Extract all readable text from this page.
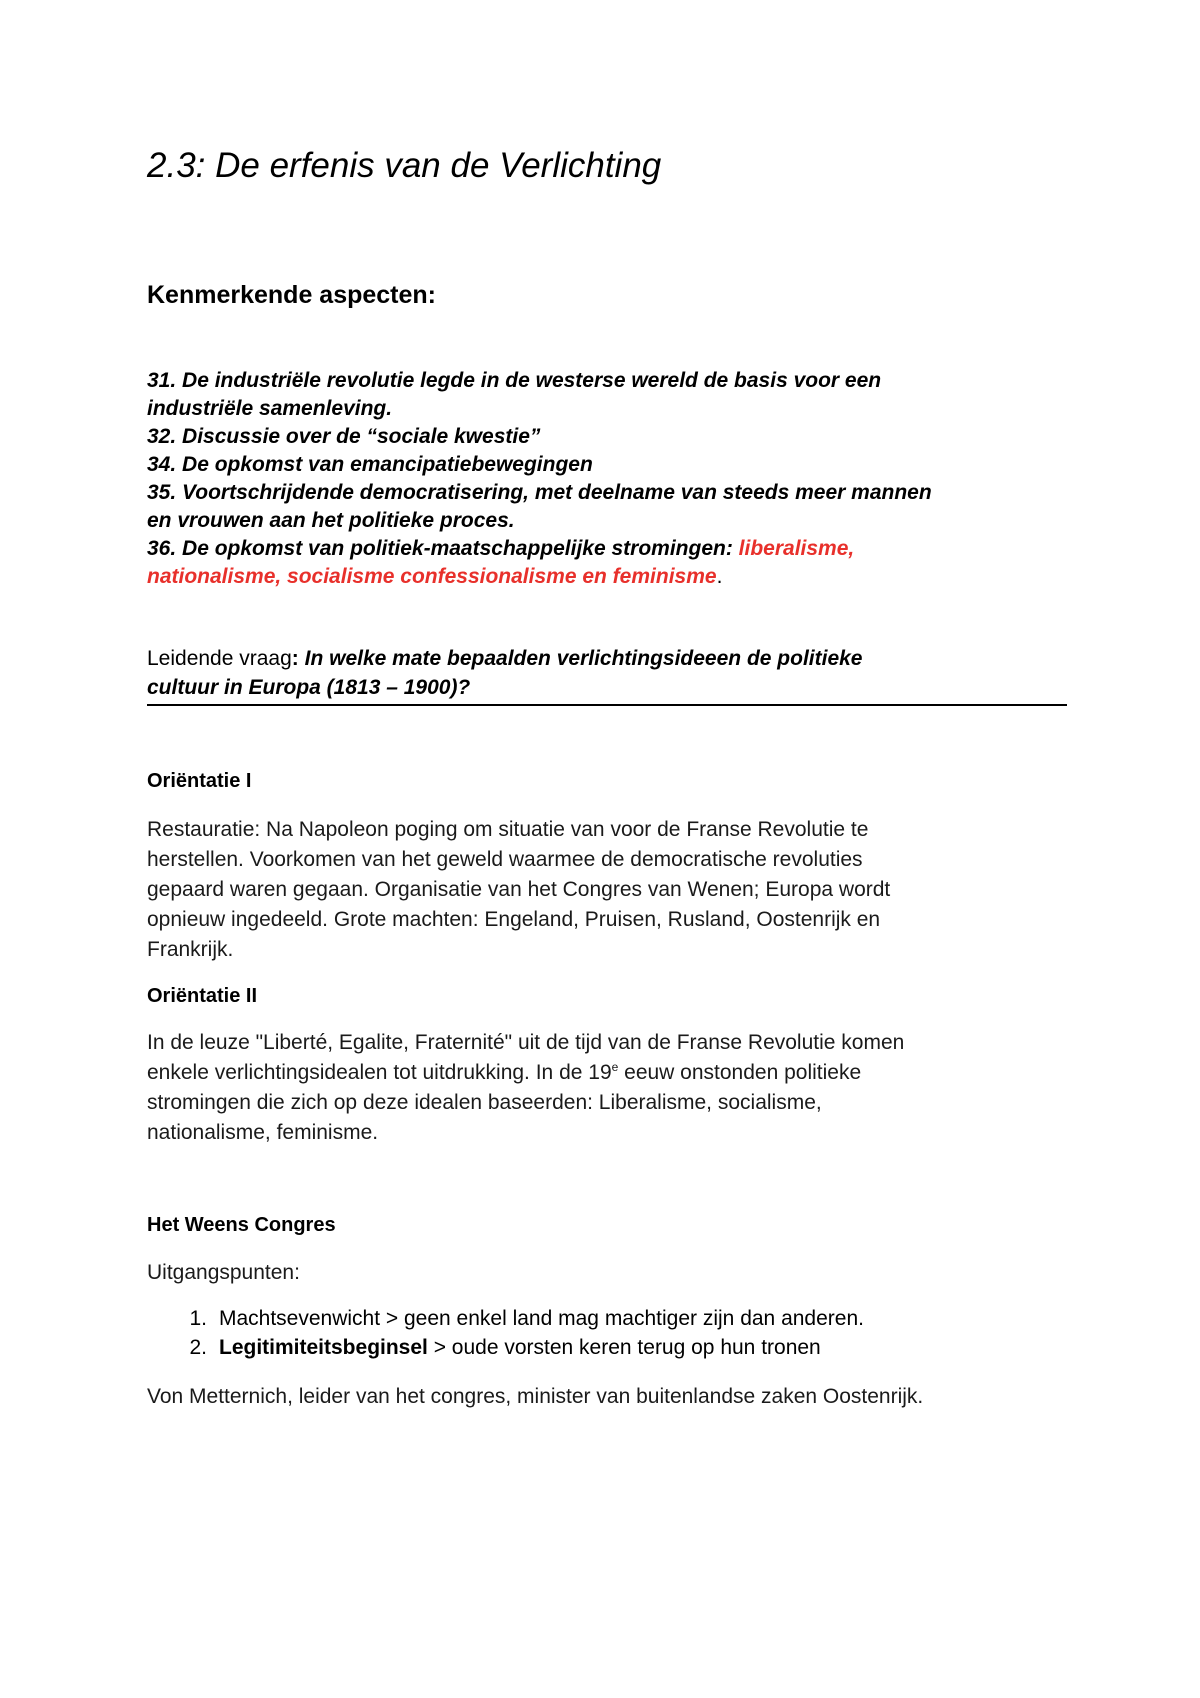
2.3: De erfenis van de Verlichting
Kenmerkende aspecten:
31. De industriële revolutie legde in de westerse wereld de basis voor een
industriële samenleving.
32. Discussie over de “sociale kwestie”
34. De opkomst van emancipatiebewegingen
35. Voortschrijdende democratisering, met deelname van steeds meer mannen
en vrouwen aan het politieke proces.
36. De opkomst van politiek-maatschappelijke stromingen: liberalisme,
nationalisme, socialisme confessionalisme en feminisme.
Leidende vraag: In welke mate bepaalden verlichtingsideeen de politieke
cultuur in Europa (1813 – 1900)?
Oriëntatie I
Restauratie: Na Napoleon poging om situatie van voor de Franse Revolutie te
herstellen. Voorkomen van het geweld waarmee de democratische revoluties
gepaard waren gegaan. Organisatie van het Congres van Wenen; Europa wordt
opnieuw ingedeeld. Grote machten: Engeland, Pruisen, Rusland, Oostenrijk en
Frankrijk.
Oriëntatie II
In de leuze "Liberté, Egalite, Fraternité" uit de tijd van de Franse Revolutie komen
enkele verlichtingsidealen tot uitdrukking. In de 19e eeuw onstonden politieke
stromingen die zich op deze idealen baseerden: Liberalisme, socialisme,
nationalisme, feminisme.
Het Weens Congres
Uitgangspunten:
1. Machtsevenwicht > geen enkel land mag machtiger zijn dan anderen.
2. Legitimiteitsbeginsel > oude vorsten keren terug op hun tronen
Von Metternich, leider van het congres, minister van buitenlandse zaken Oostenrijk.
